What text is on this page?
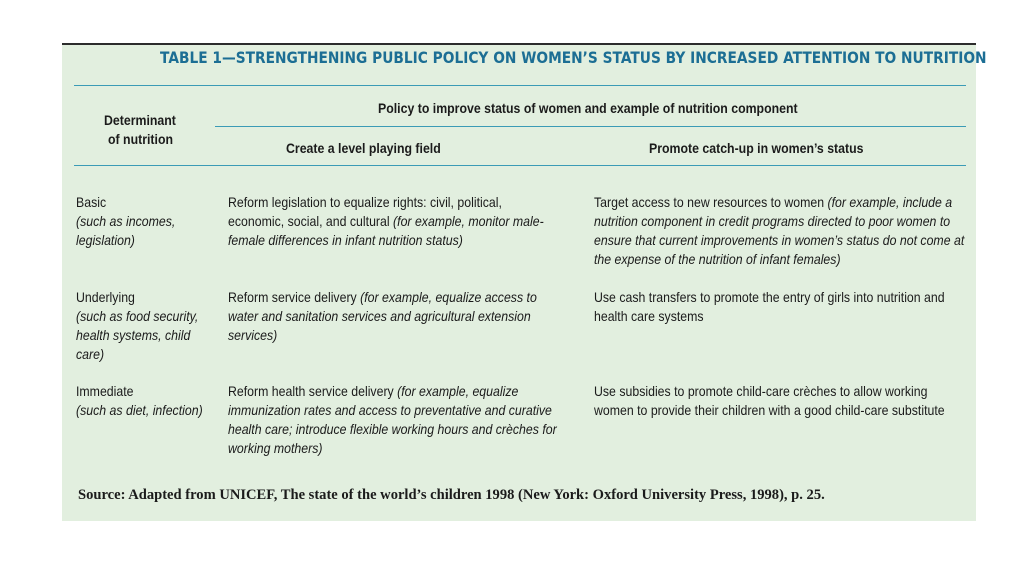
TABLE 1—STRENGTHENING PUBLIC POLICY ON WOMEN’S STATUS BY INCREASED ATTENTION TO NUTRITION
Determinant
of nutrition
Policy to improve status of women and example of nutrition component
Create a level playing field	Promote catch-up in women’s status
Basic
(such as incomes, legislation)
Reform legislation to equalize rights: civil, political, economic, social, and cultural (for example, monitor male-female differences in infant nutrition status)
Target access to new resources to women (for example, include a nutrition component in credit programs directed to poor women to ensure that current improvements in women’s status do not come at the expense of the nutrition of infant females)
Underlying
(such as food security, health systems, child care)
Reform service delivery (for example, equalize access to water and sanitation services and agricultural extension services)
Use cash transfers to promote the entry of girls into nutrition and health care systems
Immediate
(such as diet, infection)
Reform health service delivery (for example, equalize immunization rates and access to preventative and curative health care; introduce flexible working hours and crèches for working mothers)
Use subsidies to promote child-care crèches to allow working women to provide their children with a good child-care substitute
Source: Adapted from UNICEF, The state of the world’s children 1998 (New York: Oxford University Press, 1998), p. 25.
